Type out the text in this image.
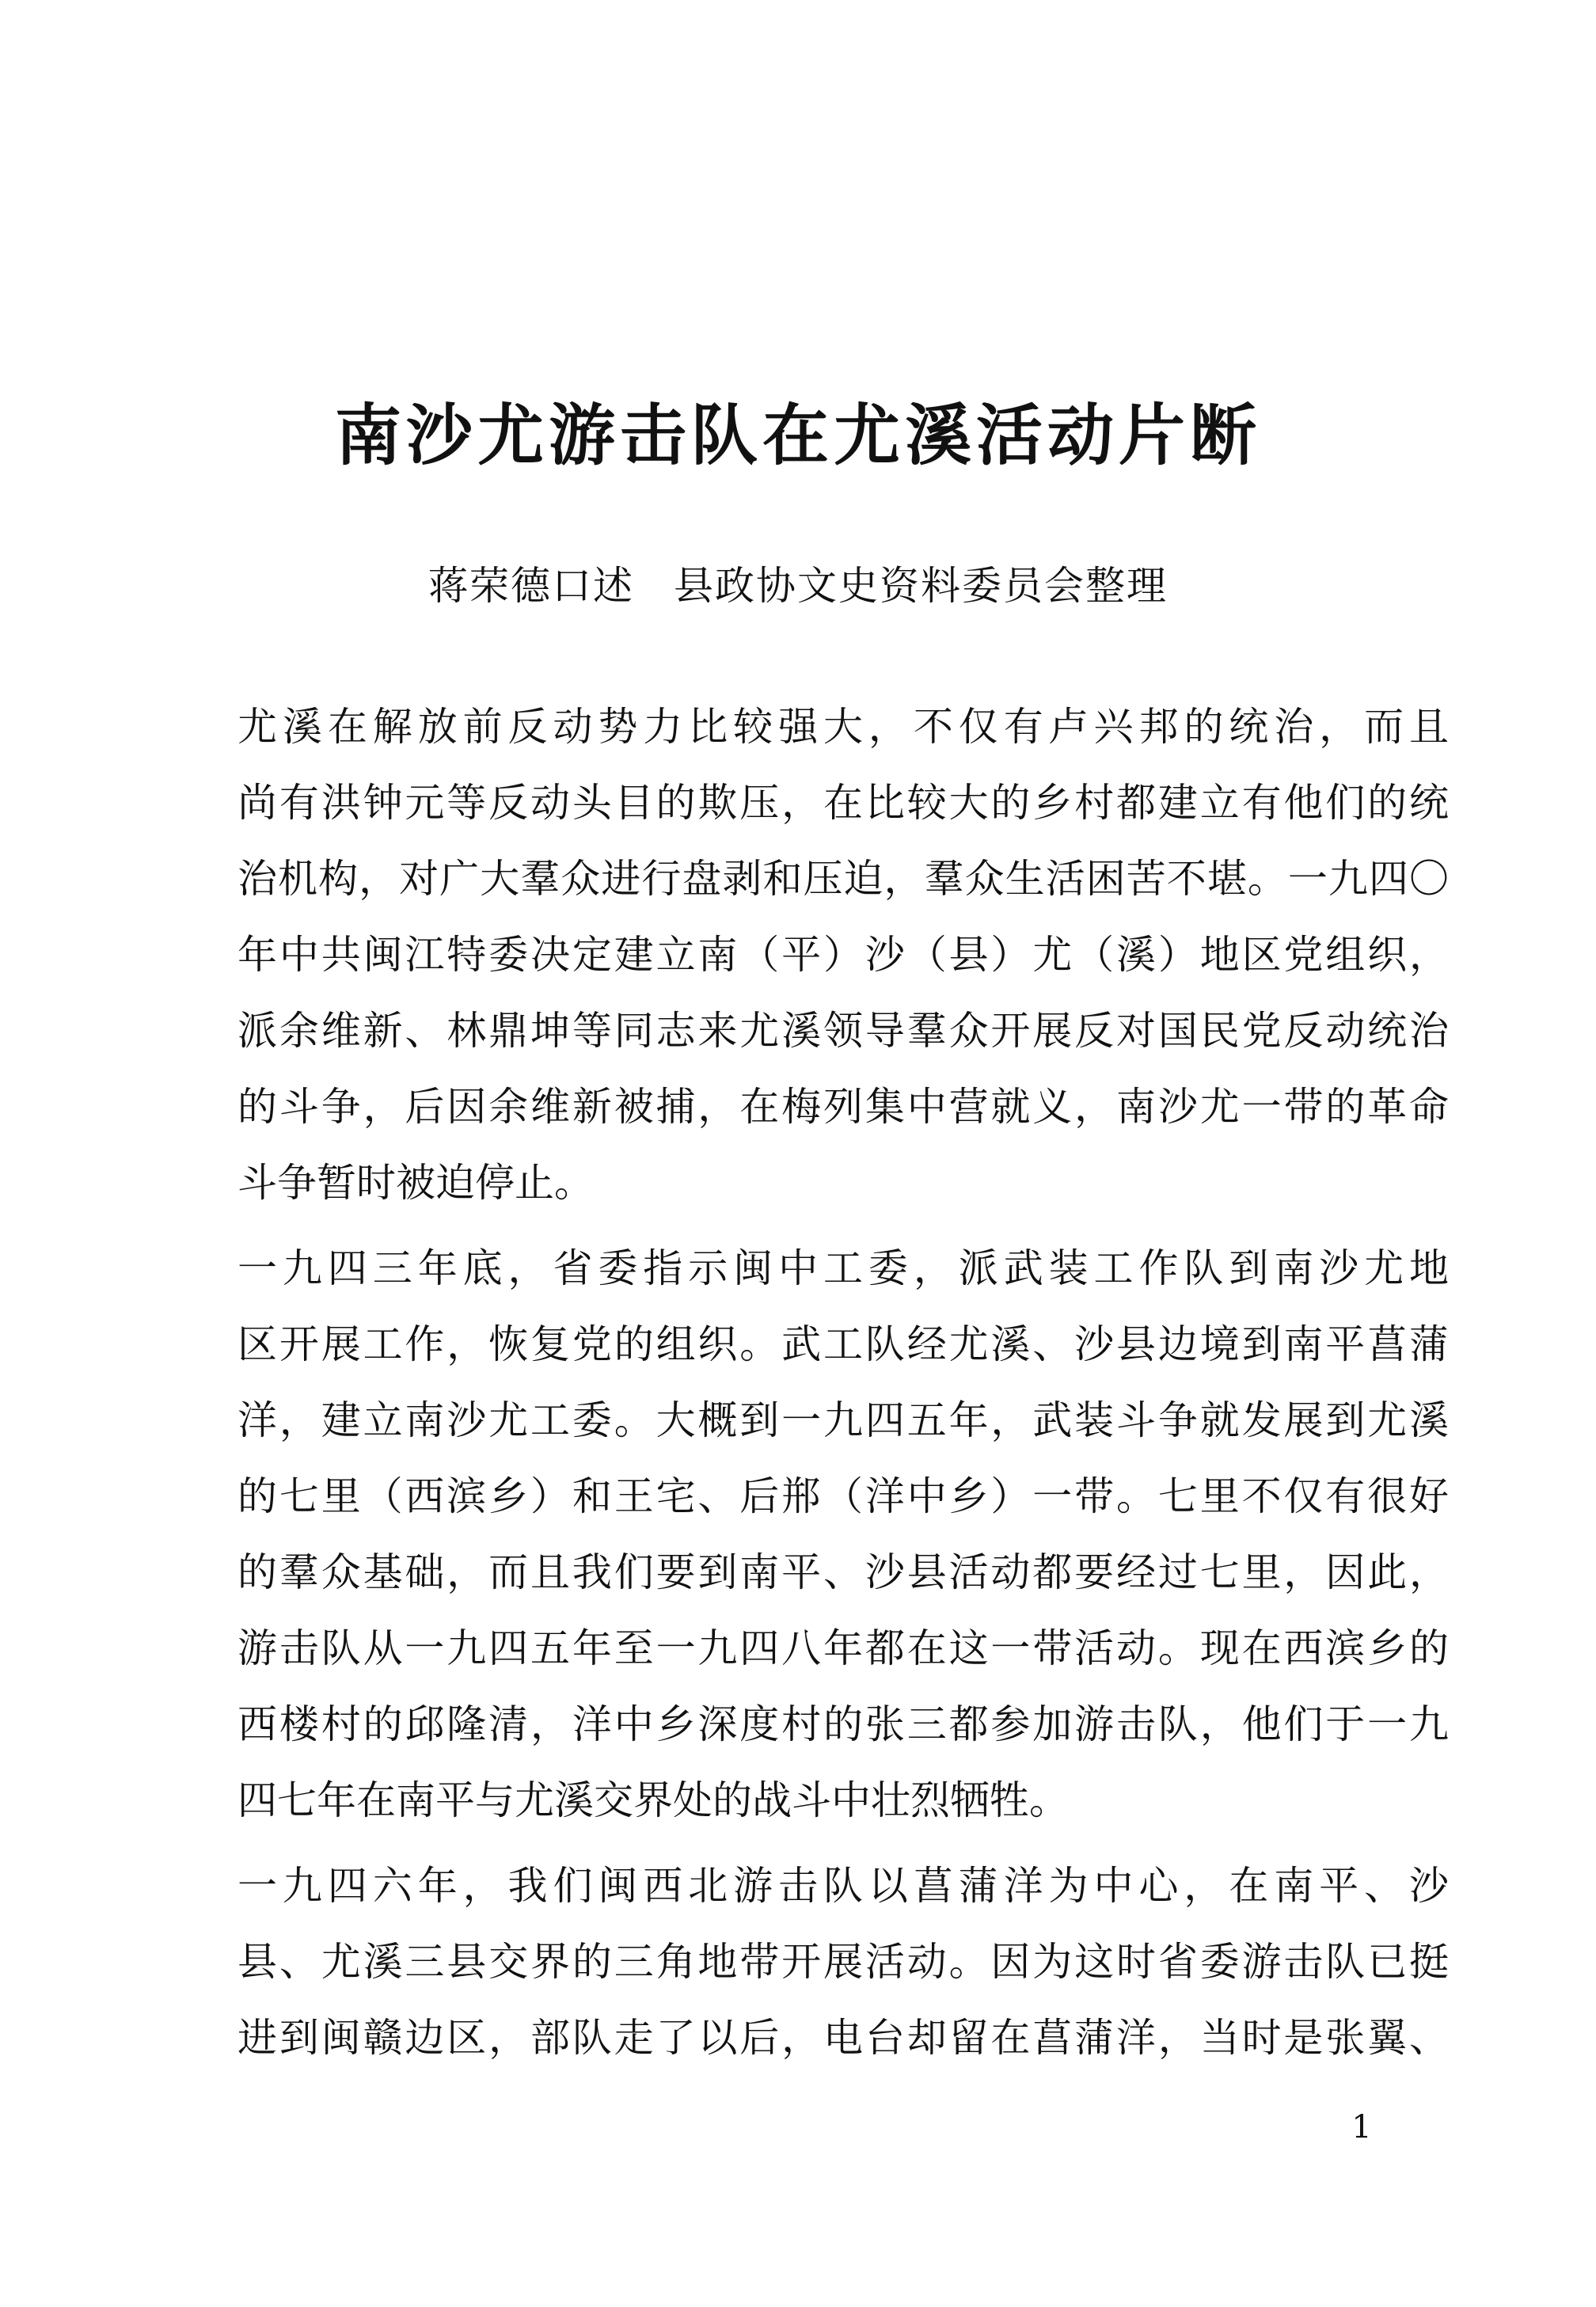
南沙尤游击队在尤溪活动片断
蒋荣德口述 县政协文史资料委员会整理

尤溪在解放前反动势力比较强大，不仅有卢兴邦的统治，而且
尚有洪钟元等反动头目的欺压，在比较大的乡村都建立有他们的统
治机构，对广大羣众进行盘剥和压迫，羣众生活困苦不堪。一九四〇
年中共闽江特委决定建立南（平）沙（县）尤（溪）地区党组织，
派余维新、林鼎坤等同志来尤溪领导羣众开展反对国民党反动统治
的斗争，后因余维新被捕，在梅列集中营就义，南沙尤一带的革命
斗争暂时被迫停止。

一九四三年底，省委指示闽中工委，派武装工作队到南沙尤地
区开展工作，恢复党的组织。武工队经尤溪、沙县边境到南平菖蒲
洋，建立南沙尤工委。大概到一九四五年，武装斗争就发展到尤溪
的七里（西滨乡）和王宅、后郱（洋中乡）一带。七里不仅有很好
的羣众基础，而且我们要到南平、沙县活动都要经过七里，因此，
游击队从一九四五年至一九四八年都在这一带活动。现在西滨乡的
西楼村的邱隆清，洋中乡深度村的张三都参加游击队，他们于一九
四七年在南平与尤溪交界处的战斗中壮烈牺牲。

一九四六年，我们闽西北游击队以菖蒲洋为中心，在南平、沙
县、尤溪三县交界的三角地带开展活动。因为这时省委游击队已挺
进到闽赣边区，部队走了以后，电台却留在菖蒲洋，当时是张翼、

1
